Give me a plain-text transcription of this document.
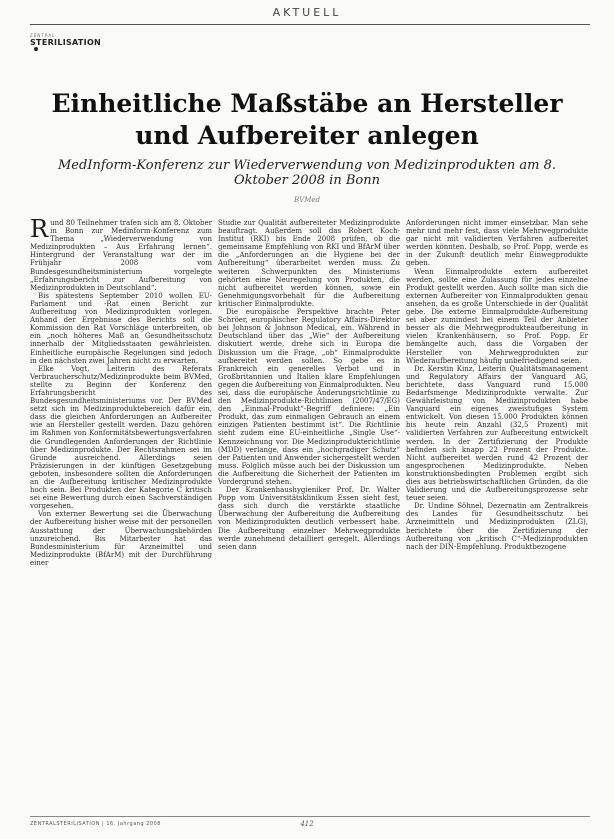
AKTUELL
ZENTRAL
STERILISATION
Einheitliche Maßstäbe an Hersteller und Aufbereiter anlegen
MedInform-Konferenz zur Wiederverwendung von Medizinprodukten am 8. Oktober 2008 in Bonn
BVMed

Rund 80 Teilnehmer trafen sich am 8. Oktober in Bonn zur Medinform-Konferenz zum Thema „Wiederverwendung von Medizinprodukten – Aus Erfahrung lernen“. Hintergrund der Veranstaltung war der im Frühjahr 2008 vom Bundesgesundheitsministerium vorgelegte „Erfahrungsbericht zur Aufbereitung von Medizinprodukten in Deutschland“.

Bis spätestens September 2010 wollen EU-Parlament und -Rat einen Bericht zur Aufbereitung von Medizinprodukten vorlegen. Anhand der Ergebnisse des Berichts soll die Kommission den Rat Vorschläge unterbreiten, ob ein „noch höheres Maß an Gesundheitsschutz innerhalb der Mitgliedsstaaten gewährleisten. Einheitliche europäische Regelungen sind jedoch in den nächsten zwei Jahren nicht zu erwarten.

Elke Vogt, Leiterin des Referats Verbraucherschutz/Medizinprodukte beim BVMed, stellte zu Beginn der Konferenz den Erfahrungsbericht des Bundesgesundheitsministeriums vor. Der BVMed setzt sich im Medizinproduktebereich dafür ein, dass die gleichen Anforderungen an Aufbereiter wie an Hersteller gestellt werden. Dazu gehören im Rahmen von Konformitätsbewertungsverfahren die Grundlegenden Anforderungen der Richtlinie über Medizinprodukte. Der Rechtsrahmen sei im Grunde ausreichend. Allerdings seien Präzisierungen in der künftigen Gesetzgebung geboten, insbesondere sollten die Anforderungen an die Aufbereitung kritischer Medizinprodukte hoch sein. Bei Produkten der Kategorie C kritisch sei eine Bewertung durch einen Sachverständigen vorgesehen.

Von externer Bewertung sei die Überwachung der Aufbereitung bisher weise mit der personellen Ausstattung der Überwachungsbehörden unzureichend. Bis Mitarbeiter hat das Bundesministerium für Arzneimittel und Medizinprodukte (BfArM) mit der Durchführung einer

Studie zur Qualität aufbereiteter Medizinprodukte beauftragt. Außerdem soll das Robert Koch-Institut (RKI) bis Ende 2008 prüfen, ob die gemeinsame Empfehlung von RKI und BfArM über die „Anforderungen an die Hygiene bei der Aufbereitung“ überarbeitet werden muss. Zu weiteren Schwerpunkten des Ministeriums gehörten eine Neuregelung von Produkten, die nicht aufbereitet werden können, sowie ein Genehmigungsvorbehalt für die Aufbereitung kritischer Einmalprodukte.

Die europäische Perspektive brachte Peter Schröer, europäischer Regulatory Affairs-Direktor bei Johnson & Johnson Medical, ein. Während in Deutschland über das „Wie“ der Aufbereitung diskutiert werde, drehe sich in Europa die Diskussion um die Frage, „ob“ Einmalprodukte aufbereitet werden sollen. So gebe es in Frankreich ein generelles Verbot und in Großbritannien und Italien klare Empfehlungen gegen die Aufbereitung von Einmalprodukten. Neu sei, dass die europäische Änderungsrichtlinie zu den Medizinprodukte-Richtlinien (2007/47/EG) den „Einmal-Produkt“-Begriff definiere: „Ein Produkt, das zum einmaligen Gebrauch an einem einzigen Patienten bestimmt ist“. Die Richtlinie sieht zudem eine EU-einheitliche „Single Use“-Kennzeichnung vor. Die Medizinprodukterichtlinie (MDD) verlange, dass ein „hochgradiger Schutz“ der Patienten und Anwender sichergestellt werden muss. Folglich müsse auch bei der Diskussion um die Aufbereitung die Sicherheit der Patienten im Vordergrund stehen.

Der Krankenhaushygieniker Prof. Dr. Walter Popp vom Universitätsklinikum Essen sieht fest, dass sich durch die verstärkte staatliche Überwachung der Aufbereitung die Aufbereitung von Medizinprodukten deutlich verbessert habe. Die Aufbereitung einzelner Mehrwegprodukte werde zunehmend detailliert geregelt. Allerdings seien dann

Anforderungen nicht immer einsetzbar. Man sehe mehr und mehr fest, dass viele Mehrwegprodukte gar nicht mit validierten Verfahren aufbereitet werden könnten. Deshalb, so Prof. Popp, werde es in der Zukunft deutlich mehr Einwegprodukte geben.

Wenn Einmalprodukte extern aufbereitet werden, sollte eine Zulassung für jedes einzelne Produkt gestellt werden. Auch sollte man sich die externen Aufbereiter von Einmalprodukten genau ansehen, da es große Unterschiede in der Qualität gebe. Die externe Einmalprodukte-Aufbereitung sei aber zumindest bei einem Teil der Anbieter besser als die Mehrwegprodukteaufbereitung in vielen Krankenhäusern, so Prof. Popp. Er bemängelte auch, dass die Vorgaben der Hersteller von Mehrwegprodukten zur Wiederaufbereitung häufig unbefriedigend seien.

Dr. Kerstin Kinz, Leiterin Qualitätsmanagement und Regulatory Affairs der Vanguard AG, berichtete, dass Vanguard rund 15.000 Bedarfsmenge Medizinprodukte verwalte. Zur Gewährleistung von Medizinprodukten habe Vanguard ein eigenes zweistufiges System entwickelt. Von diesen 15.000 Produkten können bis heute rein Anzahl (32,5 Prozent) mit validierten Verfahren zur Aufbereitung entwickelt werden. In der Zertifizierung der Produkte befinden sich knapp 22 Prozent der Produkte. Nicht aufbereitet werden rund 42 Prozent der angesprochenen Medizinprodukte. Neben konstruktionsbedingten Problemen ergibt sich dies aus betriebswirtschaftlichen Gründen, da die Validierung und die Aufbereitungsprozesse sehr teuer seien.

Dr. Undine Söhnel, Dezernatin am Zentralkreis des Landes für Gesundheitsschutz bei Arzneimitteln und Medizinprodukten (ZLG), berichtete über die Zertifizierung der Aufbereitung von „kritisch C“-Medizinprodukten nach der DIN-Empfehlung. Produktbezogene

ZENTRALSTERILISATION | 16. Jahrgang 2008	412
